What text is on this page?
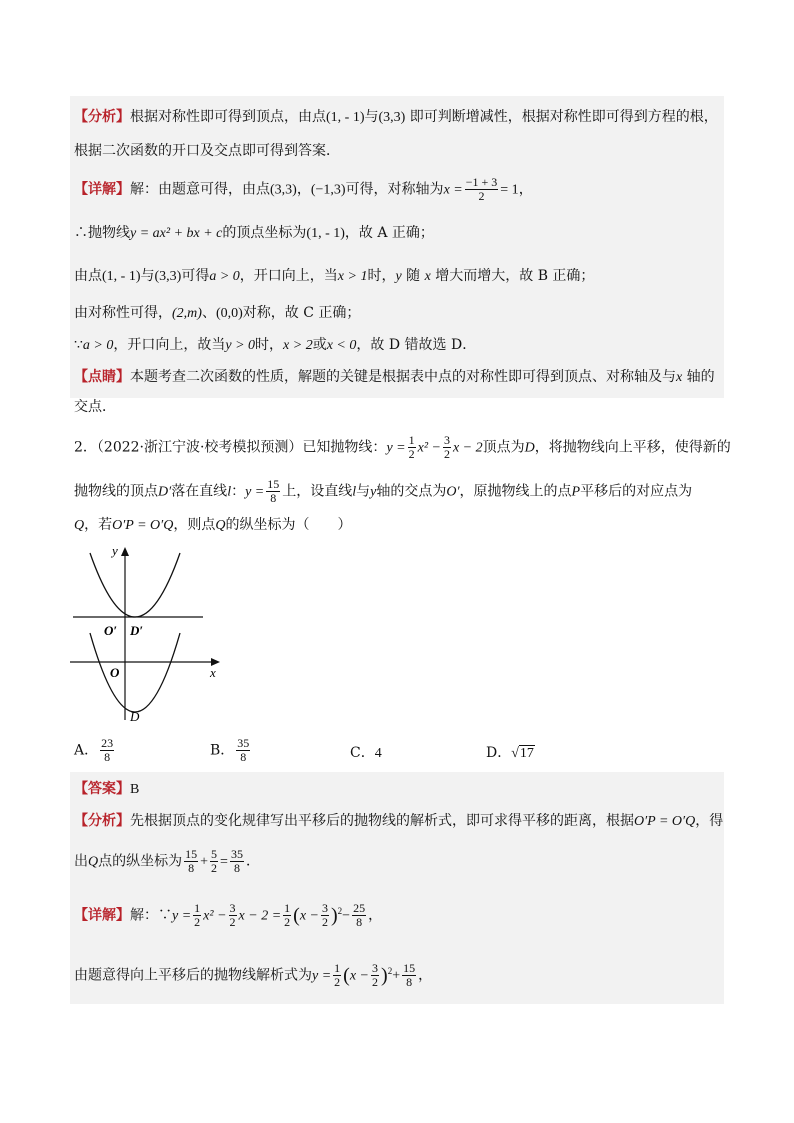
【分析】根据对称性即可得到顶点，由点(1, - 1)与(3,3) 即可判断增减性，根据对称性即可得到方程的根，
根据二次函数的开口及交点即可得到答案．
【详解】解：由题意可得，由点(3,3)，(−1,3)可得，对称轴为$x = \frac{-1 + 3}{2} = 1$，
∴抛物线y = ax² + bx + c的顶点坐标为(1, - 1)，故 A 正确；
由点(1, - 1)与(3,3)可得a > 0，开口向上，当x > 1时，y 随 x 增大而增大，故 B 正确；
由对称性可得，(2,m)、(0,0)对称，故 C 正确；
∵a > 0，开口向上，故当y > 0时，x > 2或x < 0，故 D 错故选 D．
【点睛】本题考查二次函数的性质，解题的关键是根据表中点的对称性即可得到顶点、对称轴及与x 轴的
交点．
2．（2022·浙江宁波·校考模拟预测）已知抛物线：$y = \frac{1}{2} x^2 - \frac{3}{2}$ x − 2顶点为D，将抛物线向上平移，使得新的
抛物线的顶点D′落在直线l：$y = \frac{15}{8}$ 上，设直线l与y轴的交点为O′，原抛物线上的点P平移后的对应点为
Q，若O′P = O′Q，则点Q的纵坐标为（　　）
y
x
O′ D′
O
D
A． $\frac{23}{8}$	B． $\frac{35}{8}$	C．4	D．√17
【答案】B
【分析】先根据顶点的变化规律写出平移后的抛物线的解析式，即可求得平移的距离，根据O′P = O′Q，得
出Q点的纵坐标为 $\frac{15}{8} + \frac{5}{2} = \frac{35}{8}$ ．
【详解】解：∵y = $\frac{1}{2} x^2 - \frac{3}{2}$ $x - 2 = \frac{1}{2} (x - \frac{3}{2} )^2- \frac{25}{8}$ ，
由题意得向上平移后的抛物线解析式为$y = \frac{1}{2} (x - \frac{3}{2} )^2+ \frac{15}{8}$ ，
